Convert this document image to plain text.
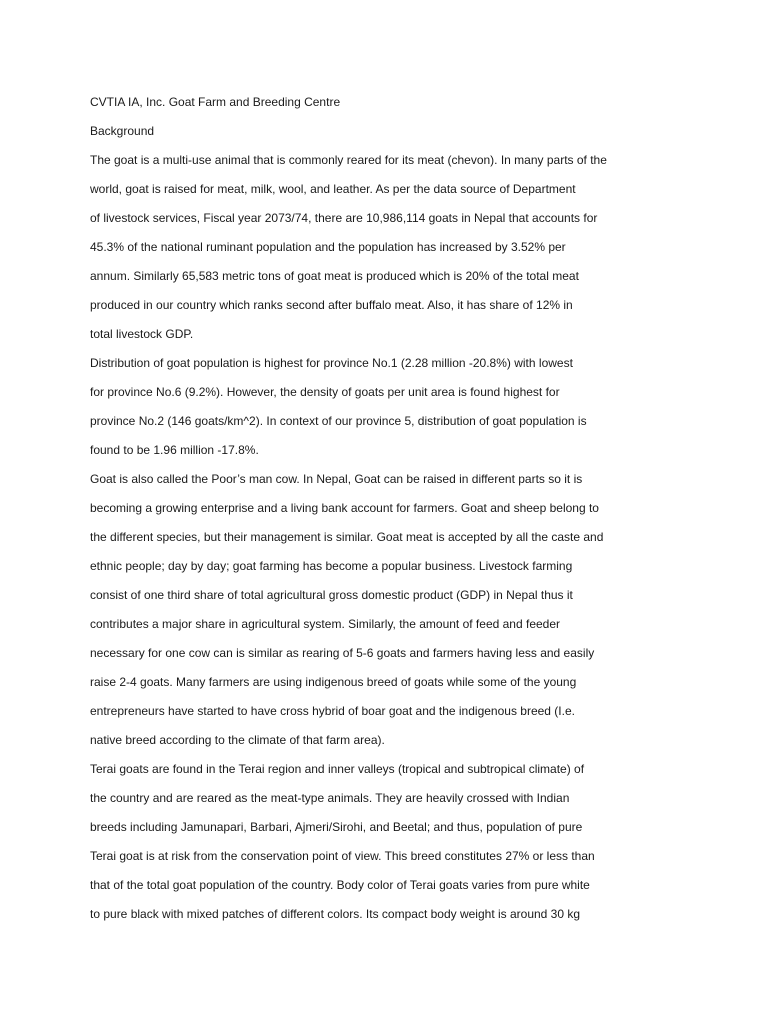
CVTIA IA, Inc. Goat Farm and Breeding Centre
Background
The goat is a multi-use animal that is commonly reared for its meat (chevon). In many parts of the
world, goat is raised for meat, milk, wool, and leather. As per the data source of Department
of livestock services, Fiscal year 2073/74, there are 10,986,114 goats in Nepal that accounts for
45.3% of the national ruminant population and the population has increased by 3.52% per
annum. Similarly 65,583 metric tons of goat meat is produced which is 20% of the total meat
produced in our country which ranks second after buffalo meat. Also, it has share of 12% in
total livestock GDP.
Distribution of goat population is highest for province No.1 (2.28 million -20.8%) with lowest
for province No.6 (9.2%). However, the density of goats per unit area is found highest for
province No.2 (146 goats/km^2). In context of our province 5, distribution of goat population is
found to be 1.96 million -17.8%.
Goat is also called the Poor’s man cow. In Nepal, Goat can be raised in different parts so it is
becoming a growing enterprise and a living bank account for farmers. Goat and sheep belong to
the different species, but their management is similar. Goat meat is accepted by all the caste and
ethnic people; day by day; goat farming has become a popular business. Livestock farming
consist of one third share of total agricultural gross domestic product (GDP) in Nepal thus it
contributes a major share in agricultural system. Similarly, the amount of feed and feeder
necessary for one cow can is similar as rearing of 5-6 goats and farmers having less and easily
raise 2-4 goats. Many farmers are using indigenous breed of goats while some of the young
entrepreneurs have started to have cross hybrid of boar goat and the indigenous breed (I.e.
native breed according to the climate of that farm area).
Terai goats are found in the Terai region and inner valleys (tropical and subtropical climate) of
the country and are reared as the meat-type animals. They are heavily crossed with Indian
breeds including Jamunapari, Barbari, Ajmeri/Sirohi, and Beetal; and thus, population of pure
Terai goat is at risk from the conservation point of view. This breed constitutes 27% or less than
that of the total goat population of the country. Body color of Terai goats varies from pure white
to pure black with mixed patches of different colors. Its compact body weight is around 30 kg
